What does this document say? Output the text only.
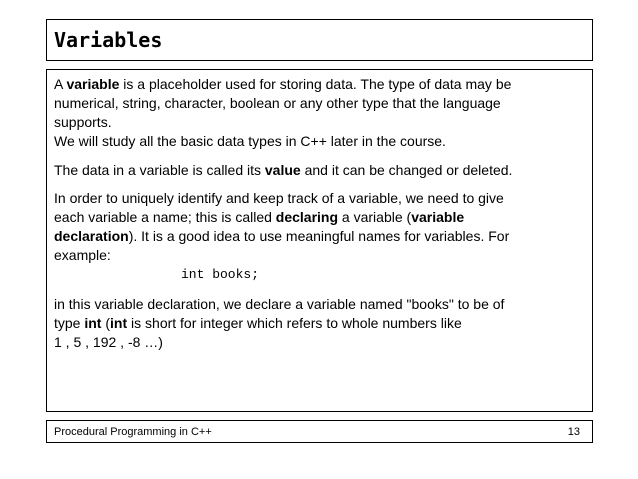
Variables
A variable is a placeholder used for storing data. The type of data may be
numerical, string, character, boolean or any other type that the language
supports.
We will study all the basic data types in C++ later in the course.
The data in a variable is called its value and it can be changed or deleted.
In order to uniquely identify and keep track of a variable, we need to give
each variable a name; this is called declaring a variable (variable
declaration). It is a good idea to use meaningful names for variables. For
example:
int books;
in this variable declaration, we declare a variable named "books" to be of
type int (int is short for integer which refers to whole numbers like
1 , 5 , 192 , -8 …)
Procedural Programming in C++	13
